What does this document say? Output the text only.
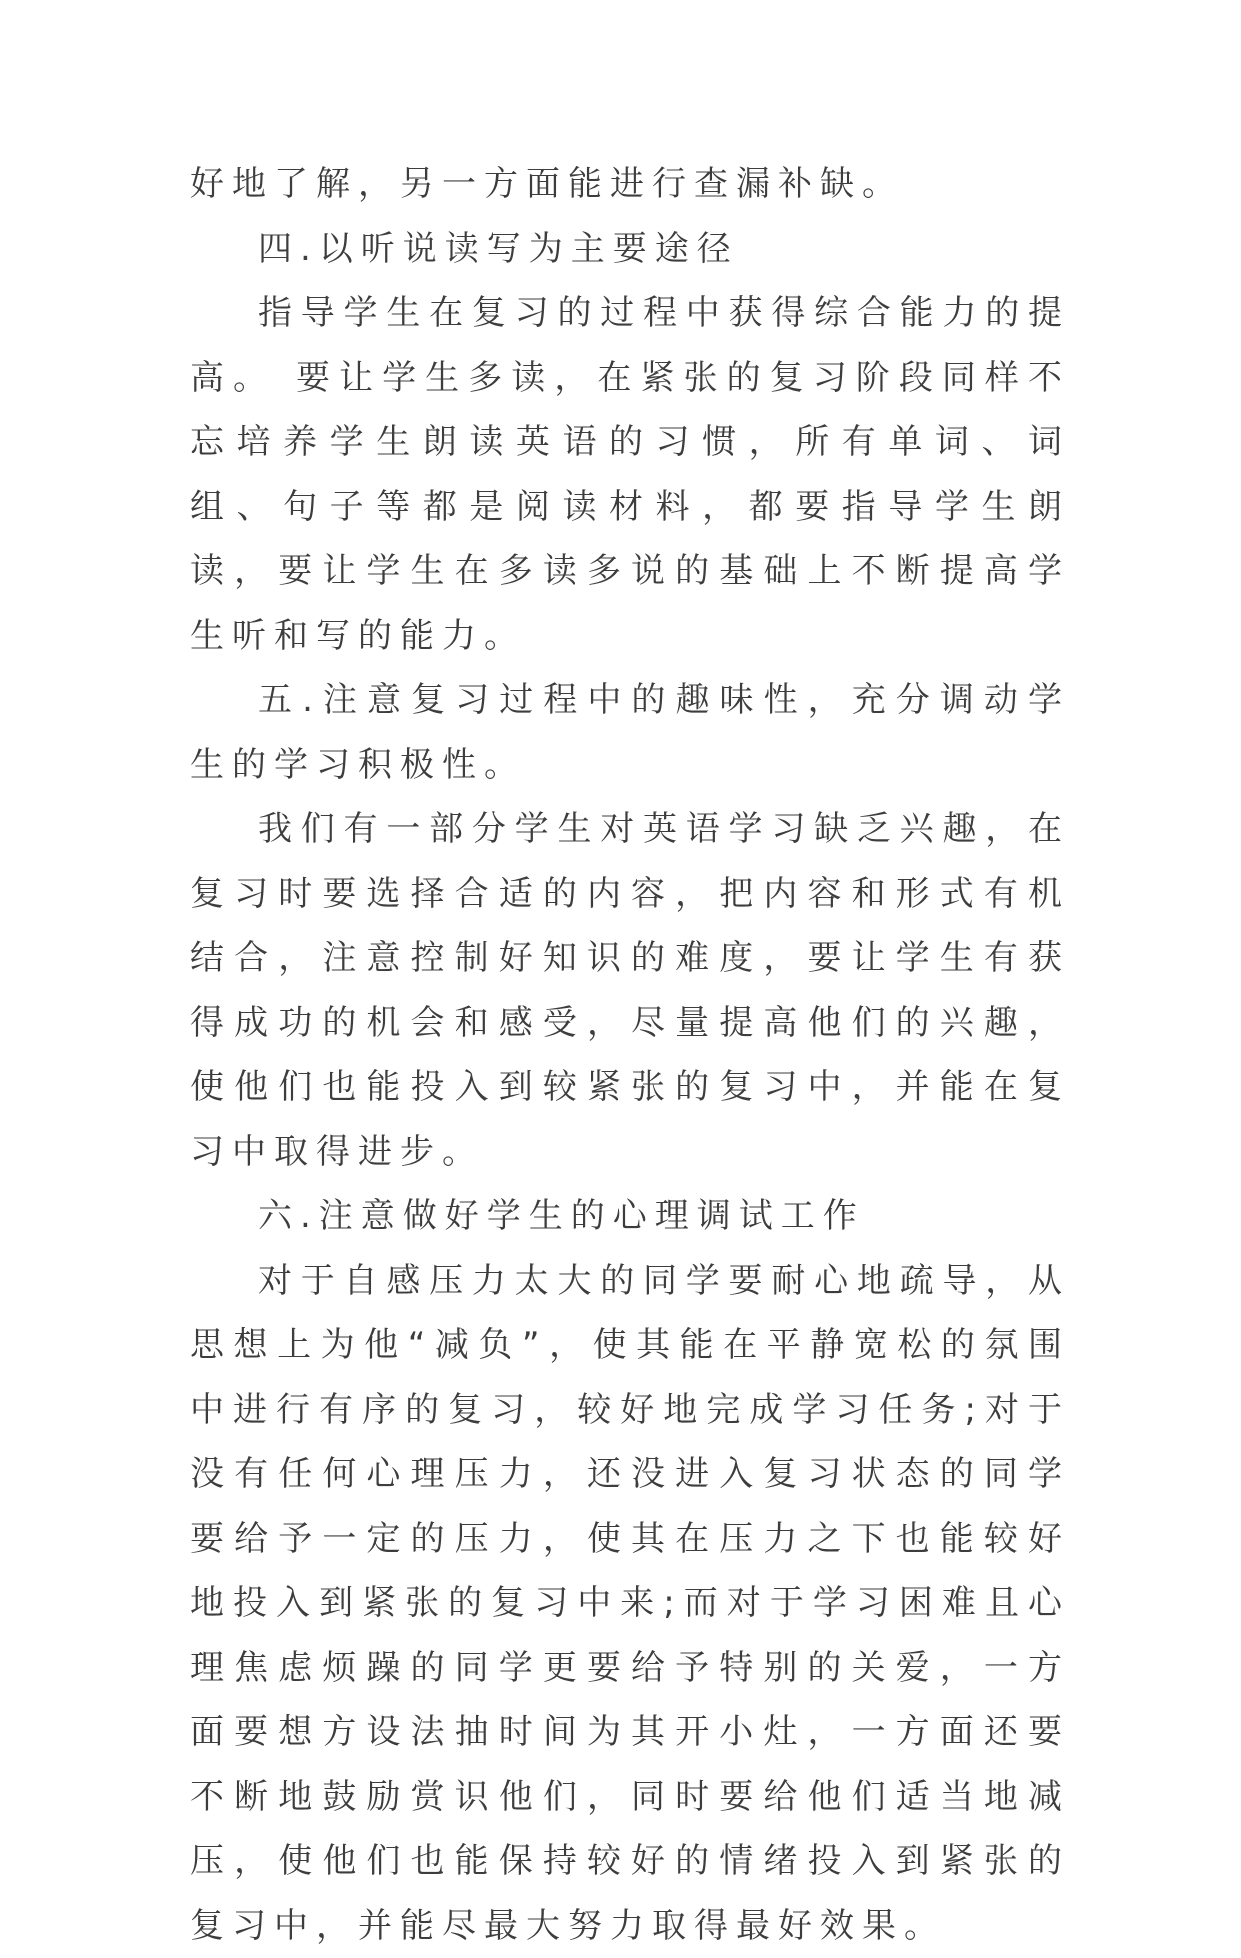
好地了解，另一方面能进行查漏补缺。

四.以听说读写为主要途径

指导学生在复习的过程中获得综合能力的提高。 要让学生多读，在紧张的复习阶段同样不忘培养学生朗读英语的习惯，所有单词、词组、句子等都是阅读材料，都要指导学生朗读，要让学生在多读多说的基础上不断提高学生听和写的能力。

五.注意复习过程中的趣味性，充分调动学生的学习积极性。

我们有一部分学生对英语学习缺乏兴趣，在复习时要选择合适的内容，把内容和形式有机结合，注意控制好知识的难度，要让学生有获得成功的机会和感受，尽量提高他们的兴趣，使他们也能投入到较紧张的复习中，并能在复习中取得进步。

六.注意做好学生的心理调试工作

对于自感压力太大的同学要耐心地疏导，从思想上为他“减负”，使其能在平静宽松的氛围中进行有序的复习，较好地完成学习任务;对于没有任何心理压力，还没进入复习状态的同学要给予一定的压力，使其在压力之下也能较好地投入到紧张的复习中来;而对于学习困难且心理焦虑烦躁的同学更要给予特别的关爱，一方面要想方设法抽时间为其开小灶，一方面还要不断地鼓励赏识他们，同时要给他们适当地减压，使他们也能保持较好的情绪投入到紧张的复习中，并能尽最大努力取得最好效果。
